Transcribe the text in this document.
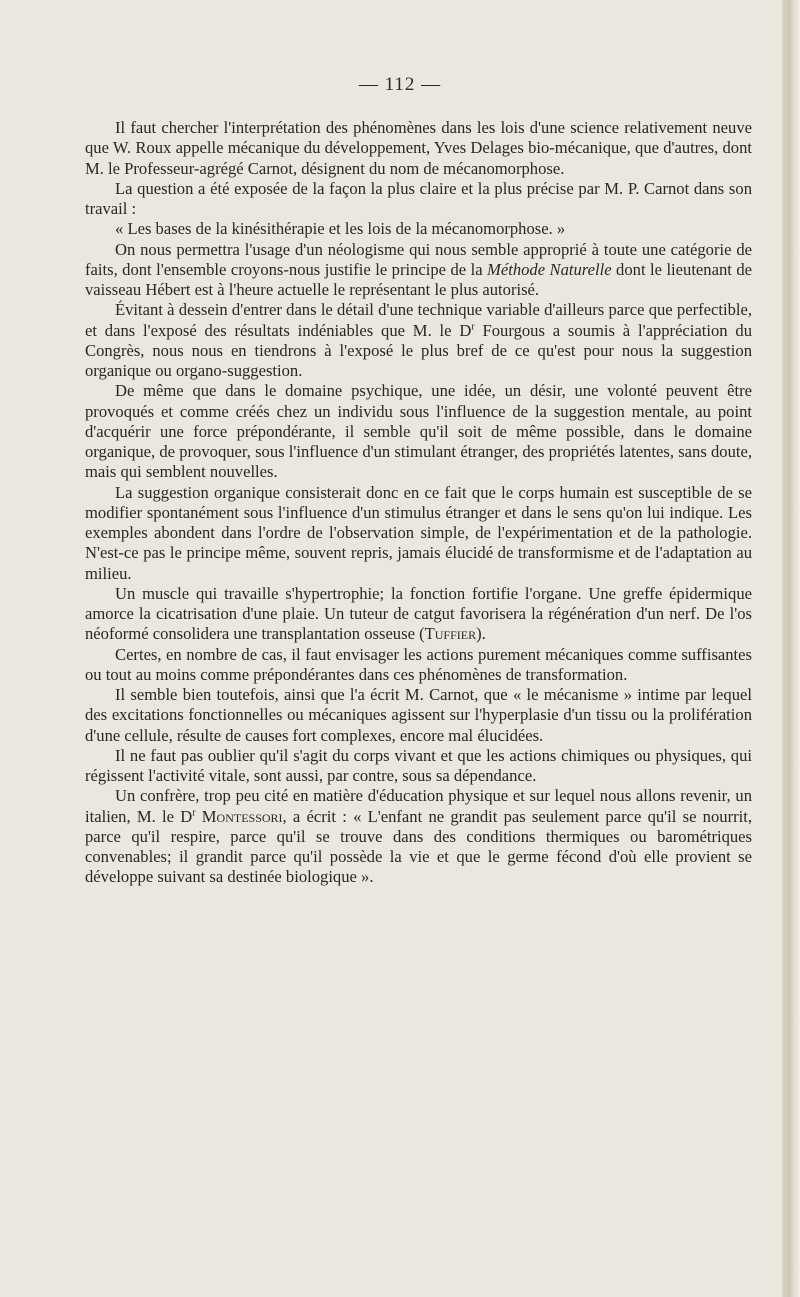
— 112 —

Il faut chercher l'interprétation des phénomènes dans les lois d'une science relativement neuve que W. Roux appelle mécanique du développement, Yves Delages bio-mécanique, que d'autres, dont M. le Professeur-agrégé Carnot, désignent du nom de mécanomorphose.

La question a été exposée de la façon la plus claire et la plus précise par M. P. Carnot dans son travail :

« Les bases de la kinésithérapie et les lois de la mécanomorphose. »

On nous permettra l'usage d'un néologisme qui nous semble approprié à toute une catégorie de faits, dont l'ensemble croyons-nous justifie le principe de la Méthode Naturelle dont le lieutenant de vaisseau Hébert est à l'heure actuelle le représentant le plus autorisé.

Évitant à dessein d'entrer dans le détail d'une technique variable d'ailleurs parce que perfectible, et dans l'exposé des résultats indéniables que M. le $D^r$ Fourgous a soumis à l'appréciation du Congrès, nous nous en tiendrons à l'exposé le plus bref de ce qu'est pour nous la suggestion organique ou organo-suggestion.

De même que dans le domaine psychique, une idée, un désir, une volonté peuvent être provoqués et comme créés chez un individu sous l'influence de la suggestion mentale, au point d'acquérir une force prépondérante, il semble qu'il soit de même possible, dans le domaine organique, de provoquer, sous l'influence d'un stimulant étranger, des propriétés latentes, sans doute, mais qui semblent nouvelles.

La suggestion organique consisterait donc en ce fait que le corps humain est susceptible de se modifier spontanément sous l'influence d'un stimulus étranger et dans le sens qu'on lui indique. Les exemples abondent dans l'ordre de l'observation simple, de l'expérimentation et de la pathologie. N'est-ce pas le principe même, souvent repris, jamais élucidé de transformisme et de l'adaptation au milieu.

Un muscle qui travaille s'hypertrophie; la fonction fortifie l'organe. Une greffe épidermique amorce la cicatrisation d'une plaie. Un tuteur de catgut favorisera la régénération d'un nerf. De l'os néoformé consolidera une transplantation osseuse (Tuffier).

Certes, en nombre de cas, il faut envisager les actions purement mécaniques comme suffisantes ou tout au moins comme prépondérantes dans ces phénomènes de transformation.

Il semble bien toutefois, ainsi que l'a écrit M. Carnot, que « le mécanisme » intime par lequel des excitations fonctionnelles ou mécaniques agissent sur l'hyperplasie d'un tissu ou la prolifération d'une cellule, résulte de causes fort complexes, encore mal élucidées.

Il ne faut pas oublier qu'il s'agit du corps vivant et que les actions chimiques ou physiques, qui régissent l'activité vitale, sont aussi, par contre, sous sa dépendance.

Un confrère, trop peu cité en matière d'éducation physique et sur lequel nous allons revenir, un italien, M. le $D^r$ Montessori, a écrit : « L'enfant ne grandit pas seulement parce qu'il se nourrit, parce qu'il respire, parce qu'il se trouve dans des conditions thermiques ou barométriques convenables; il grandit parce qu'il possède la vie et que le germe fécond d'où elle provient se développe suivant sa destinée biologique ».
